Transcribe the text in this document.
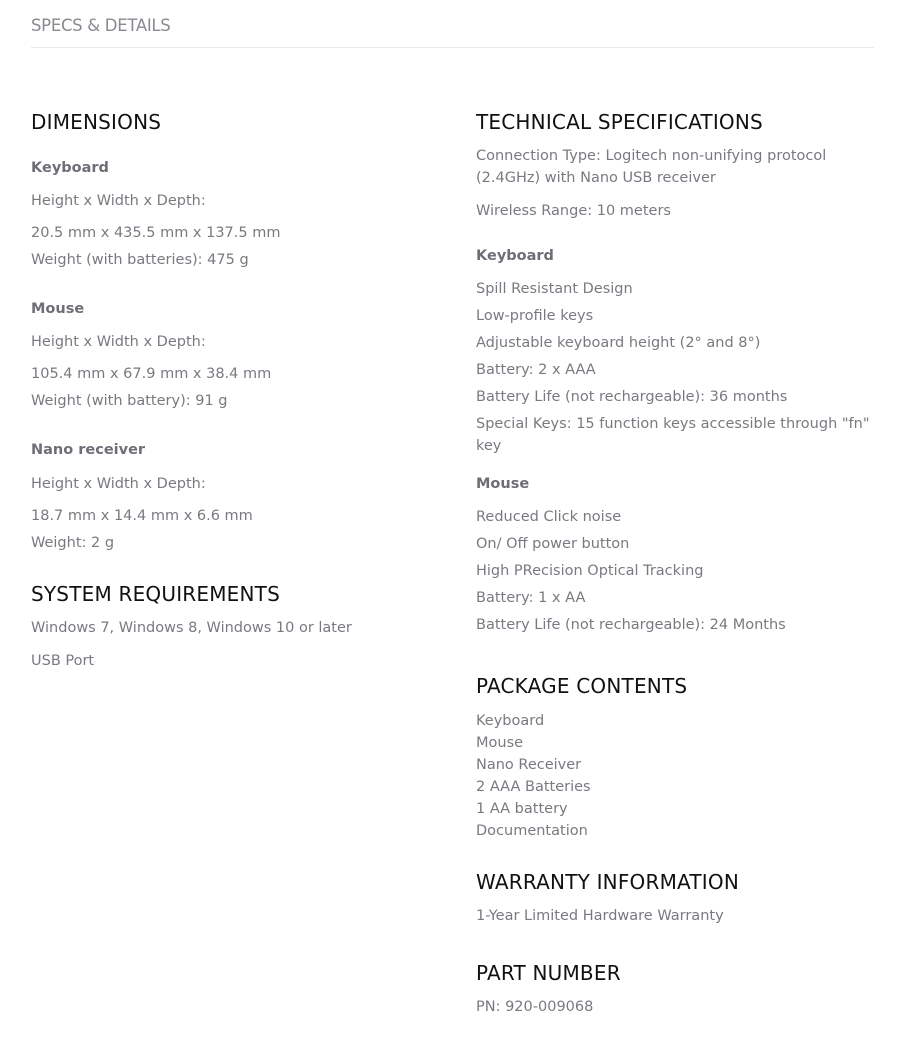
SPECS & DETAILS
DIMENSIONS
Keyboard
Height x Width x Depth:
20.5 mm x 435.5 mm x 137.5 mm
Weight (with batteries): 475 g
Mouse
Height x Width x Depth:
105.4 mm x 67.9 mm x 38.4 mm
Weight (with battery): 91 g
Nano receiver
Height x Width x Depth:
18.7 mm x 14.4 mm x 6.6 mm
Weight: 2 g
SYSTEM REQUIREMENTS
Windows 7, Windows 8, Windows 10 or later
USB Port
TECHNICAL SPECIFICATIONS
Connection Type: Logitech non-unifying protocol (2.4GHz) with Nano USB receiver
Wireless Range: 10 meters
Keyboard
Spill Resistant Design
Low-profile keys
Adjustable keyboard height (2° and 8°)
Battery: 2 x AAA
Battery Life (not rechargeable): 36 months
Special Keys: 15 function keys accessible through "fn" key
Mouse
Reduced Click noise
On/ Off power button
High PRecision Optical Tracking
Battery: 1 x AA
Battery Life (not rechargeable): 24 Months
PACKAGE CONTENTS
Keyboard
Mouse
Nano Receiver
2 AAA Batteries
1 AA battery
Documentation
WARRANTY INFORMATION
1-Year Limited Hardware Warranty
PART NUMBER
PN: 920-009068
